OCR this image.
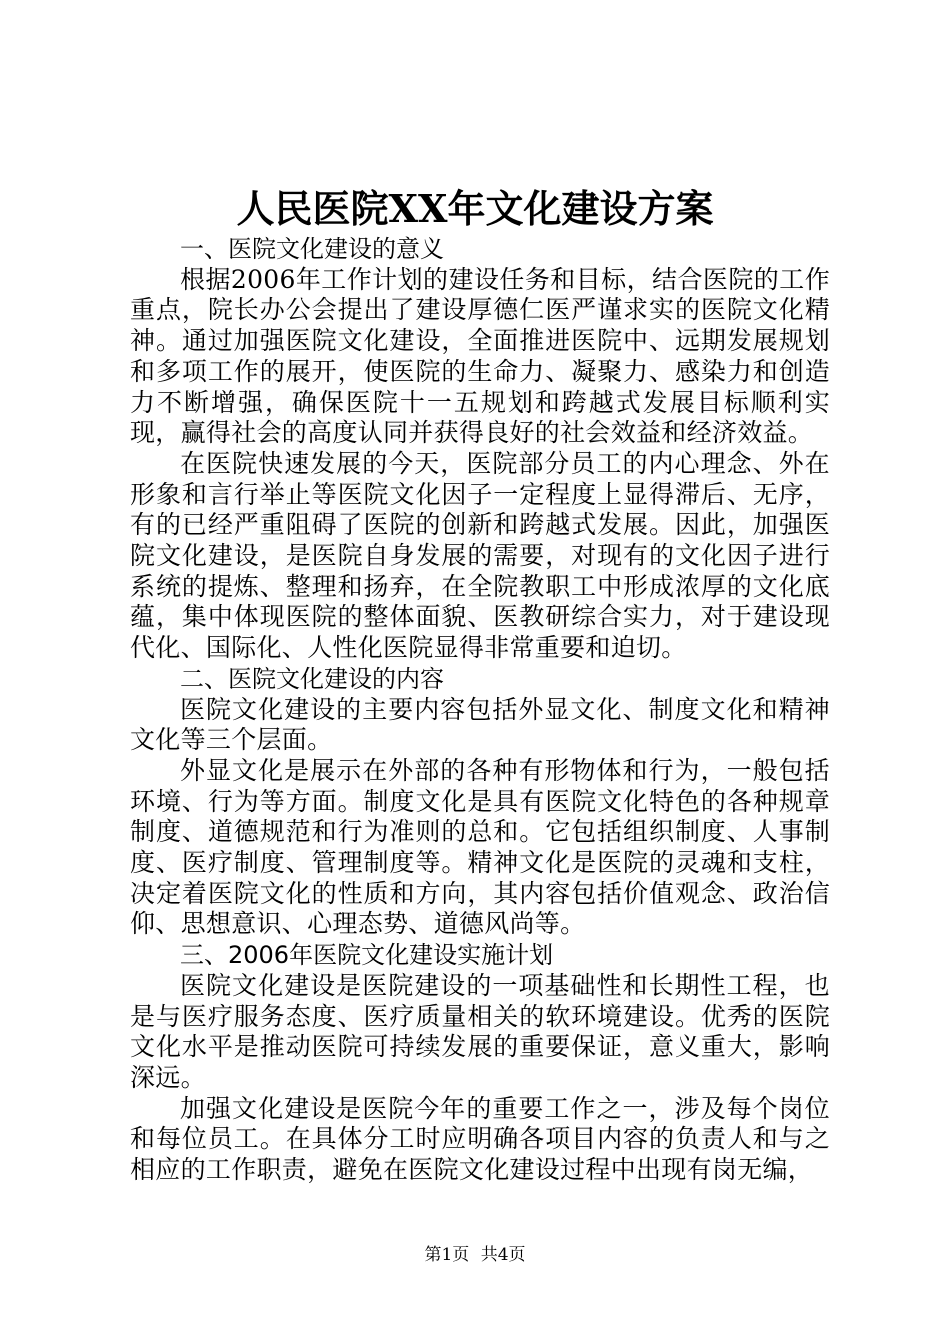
人民医院XX年文化建设方案

一、医院文化建设的意义

根据2006年工作计划的建设任务和目标，结合医院的工作重点，院长办公会提出了建设厚德仁医严谨求实的医院文化精神。通过加强医院文化建设，全面推进医院中、远期发展规划和多项工作的展开，使医院的生命力、凝聚力、感染力和创造力不断增强，确保医院十一五规划和跨越式发展目标顺利实现，赢得社会的高度认同并获得良好的社会效益和经济效益。

在医院快速发展的今天，医院部分员工的内心理念、外在形象和言行举止等医院文化因子一定程度上显得滞后、无序，有的已经严重阻碍了医院的创新和跨越式发展。因此，加强医院文化建设，是医院自身发展的需要，对现有的文化因子进行系统的提炼、整理和扬弃，在全院教职工中形成浓厚的文化底蕴，集中体现医院的整体面貌、医教研综合实力，对于建设现代化、国际化、人性化医院显得非常重要和迫切。

二、医院文化建设的内容

医院文化建设的主要内容包括外显文化、制度文化和精神文化等三个层面。

外显文化是展示在外部的各种有形物体和行为，一般包括环境、行为等方面。制度文化是具有医院文化特色的各种规章制度、道德规范和行为准则的总和。它包括组织制度、人事制度、医疗制度、管理制度等。精神文化是医院的灵魂和支柱，决定着医院文化的性质和方向，其内容包括价值观念、政治信仰、思想意识、心理态势、道德风尚等。

三、2006年医院文化建设实施计划

医院文化建设是医院建设的一项基础性和长期性工程，也是与医疗服务态度、医疗质量相关的软环境建设。优秀的医院文化水平是推动医院可持续发展的重要保证，意义重大，影响深远。

加强文化建设是医院今年的重要工作之一，涉及每个岗位和每位员工。在具体分工时应明确各项目内容的负责人和与之相应的工作职责，避免在医院文化建设过程中出现有岗无编，

第1页 共4页
